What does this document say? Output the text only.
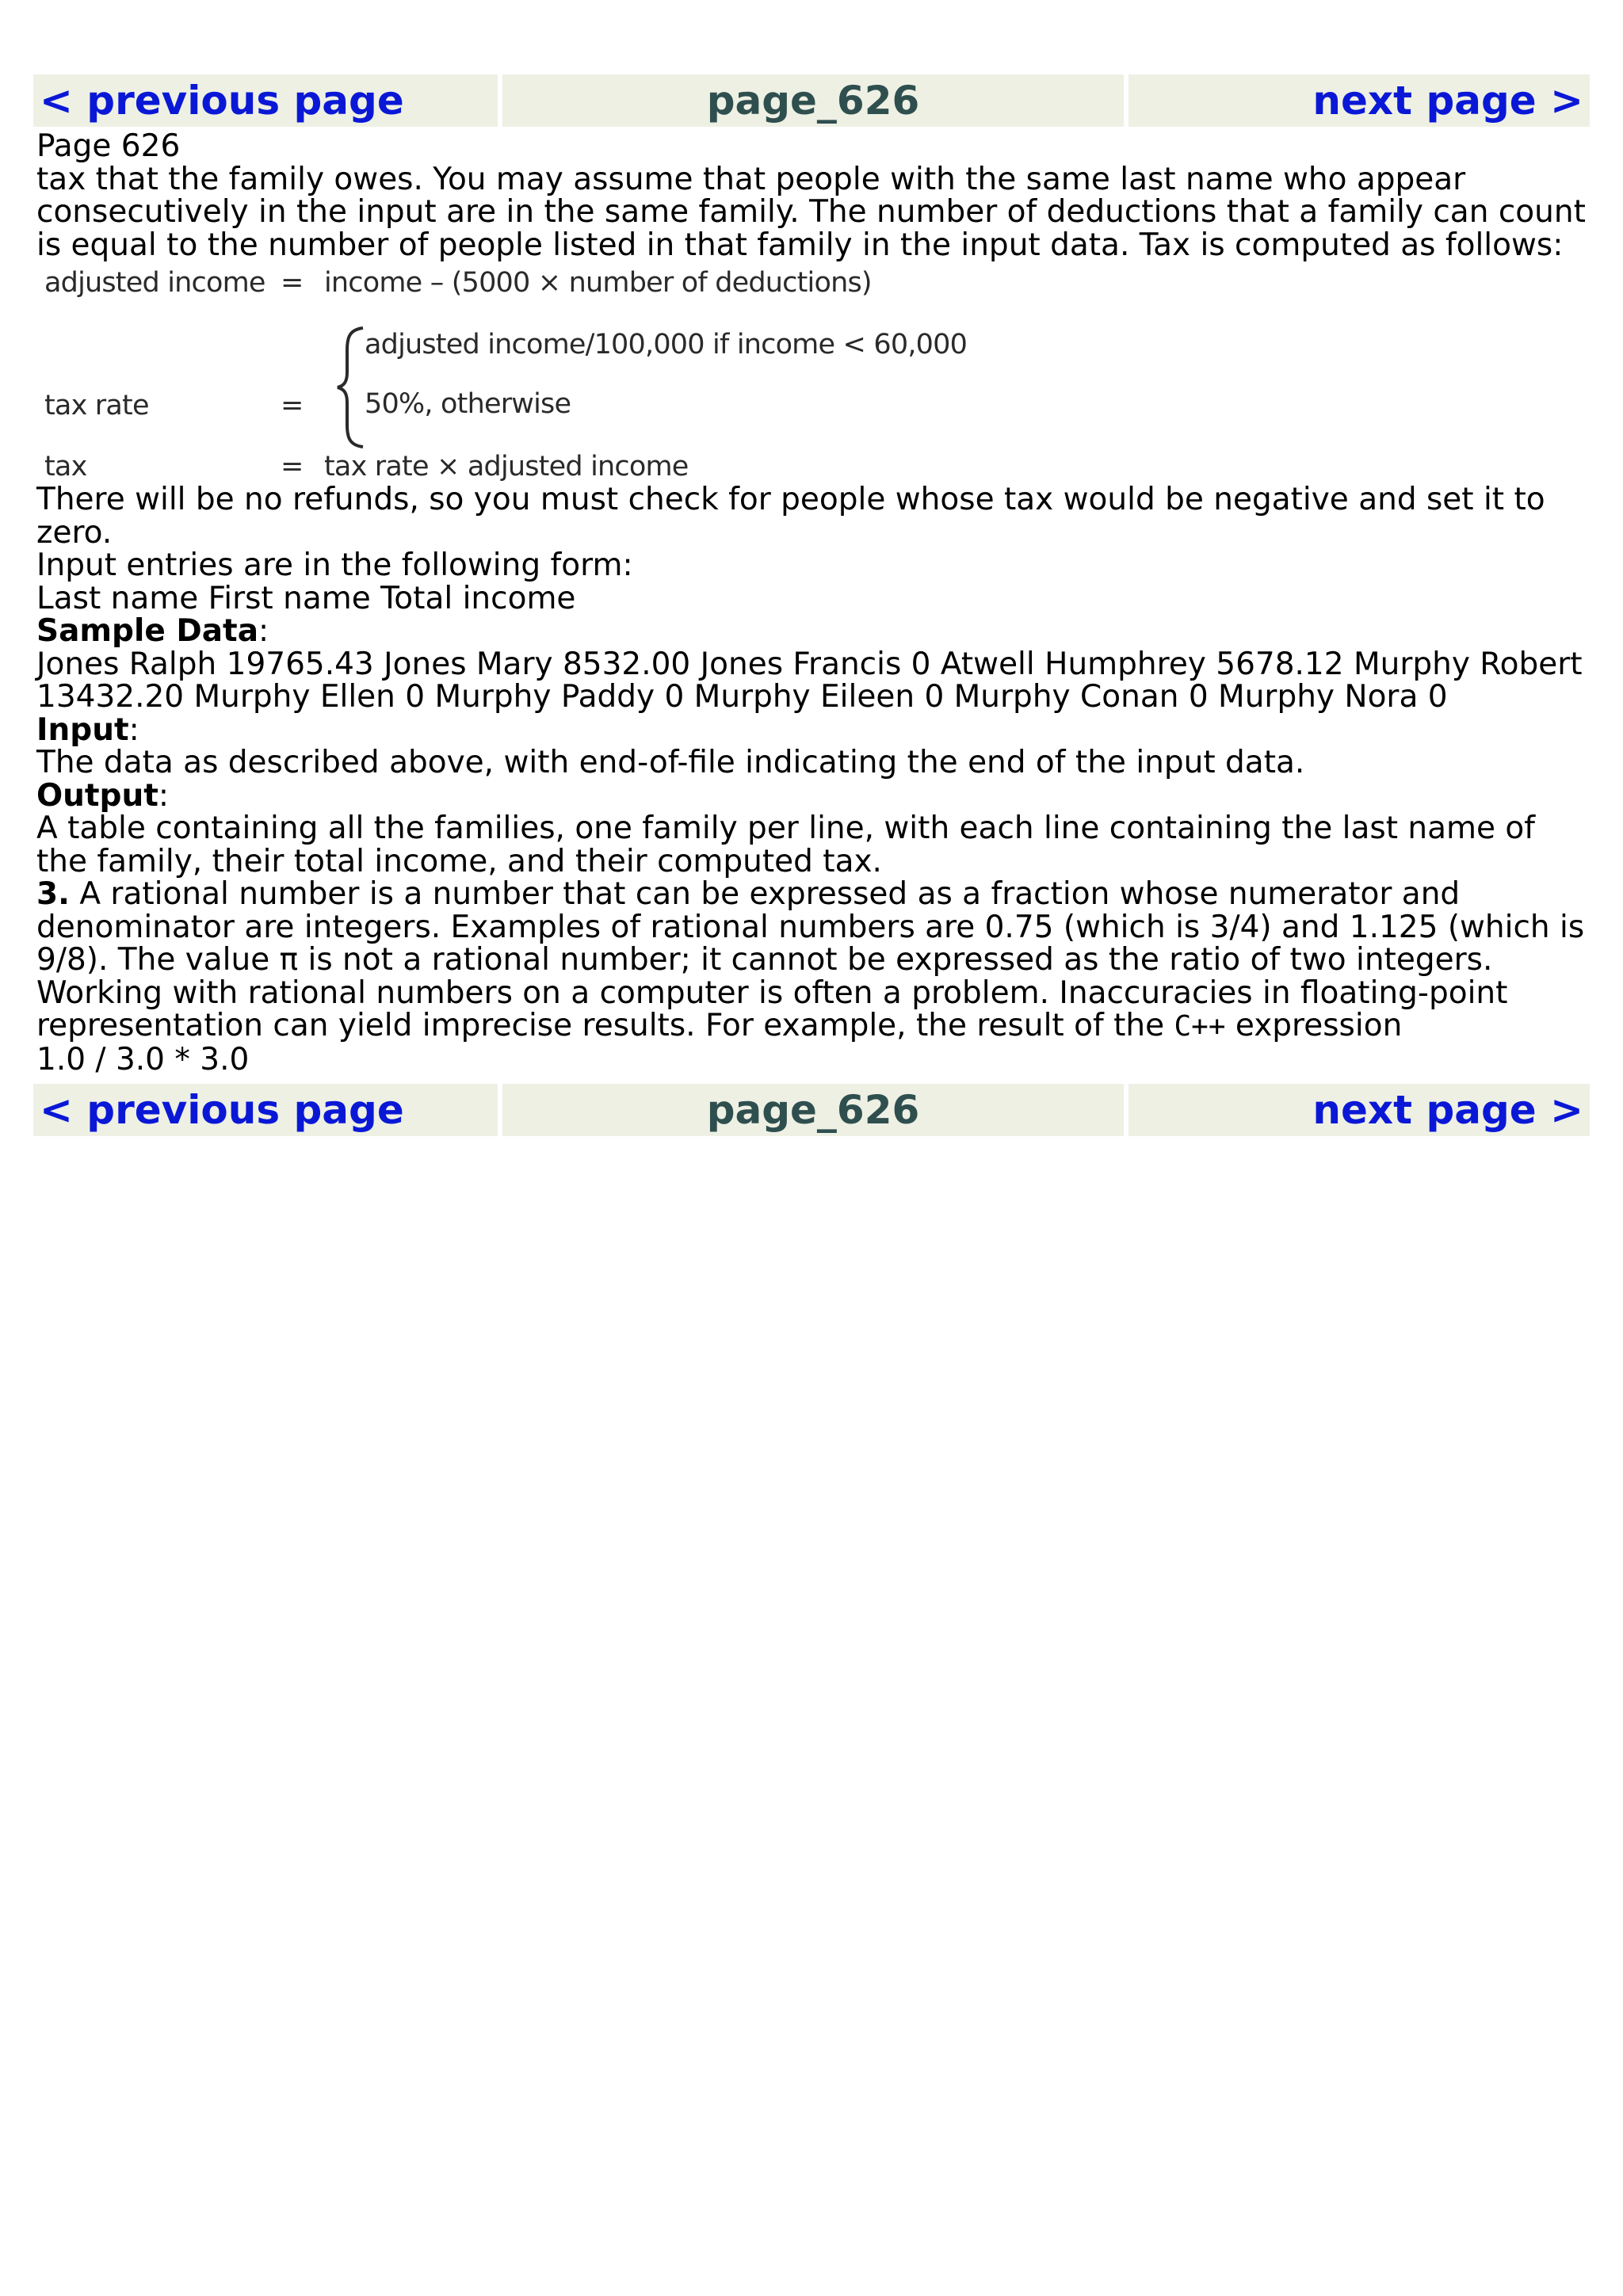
< previous page	page_626	next page >

Page 626

tax that the family owes. You may assume that people with the same last name who appear consecutively in the input are in the same family. The number of deductions that a family can count is equal to the number of people listed in that family in the input data. Tax is computed as follows:

adjusted income = income – (5000 × number of deductions)
adjusted income/100,000 if income < 60,000
tax rate	= 50%, otherwise
tax	= tax rate × adjusted income

There will be no refunds, so you must check for people whose tax would be negative and set it to zero.

Input entries are in the following form:

Last name First name Total income

Sample Data:

Jones Ralph 19765.43 Jones Mary 8532.00 Jones Francis 0 Atwell Humphrey 5678.12 Murphy Robert 13432.20 Murphy Ellen 0 Murphy Paddy 0 Murphy Eileen 0 Murphy Conan 0 Murphy Nora 0

Input:

The data as described above, with end-of-file indicating the end of the input data.

Output:

A table containing all the families, one family per line, with each line containing the last name of the family, their total income, and their computed tax.

3. A rational number is a number that can be expressed as a fraction whose numerator and denominator are integers. Examples of rational numbers are 0.75 (which is 3/4) and 1.125 (which is 9/8). The value π is not a rational number; it cannot be expressed as the ratio of two integers.

Working with rational numbers on a computer is often a problem. Inaccuracies in floating-point representation can yield imprecise results. For example, the result of the C++ expression

1.0 / 3.0 * 3.0

< previous page	page_626	next page >
